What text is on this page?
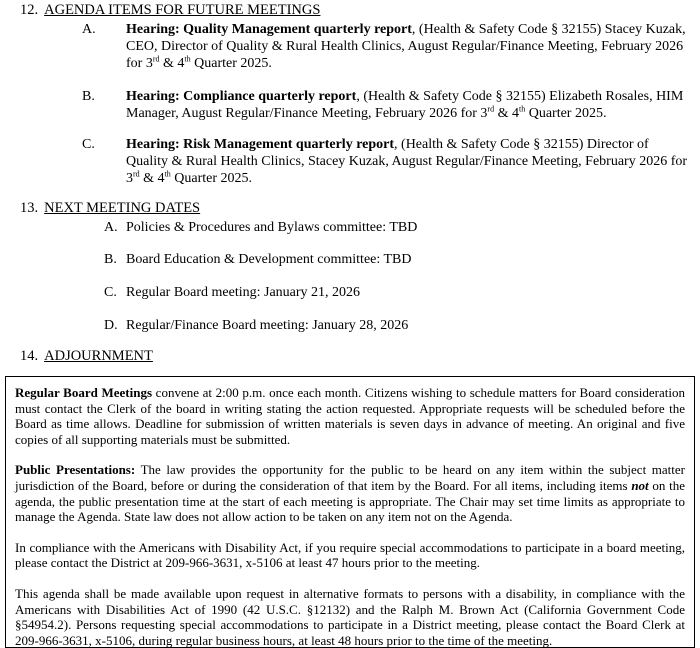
12. AGENDA ITEMS FOR FUTURE MEETINGS
A. Hearing: Quality Management quarterly report, (Health & Safety Code § 32155) Stacey Kuzak, CEO, Director of Quality & Rural Health Clinics, August Regular/Finance Meeting, February 2026 for 3rd & 4th Quarter 2025.
B. Hearing: Compliance quarterly report, (Health & Safety Code § 32155) Elizabeth Rosales, HIM Manager, August Regular/Finance Meeting, February 2026 for 3rd & 4th Quarter 2025.
C. Hearing: Risk Management quarterly report, (Health & Safety Code § 32155) Director of Quality & Rural Health Clinics, Stacey Kuzak, August Regular/Finance Meeting, February 2026 for 3rd & 4th Quarter 2025.
13. NEXT MEETING DATES
A. Policies & Procedures and Bylaws committee: TBD
B. Board Education & Development committee: TBD
C. Regular Board meeting: January 21, 2026
D. Regular/Finance Board meeting: January 28, 2026
14. ADJOURNMENT

Regular Board Meetings convene at 2:00 p.m. once each month. Citizens wishing to schedule matters for Board consideration must contact the Clerk of the board in writing stating the action requested. Appropriate requests will be scheduled before the Board as time allows. Deadline for submission of written materials is seven days in advance of meeting. An original and five copies of all supporting materials must be submitted.

Public Presentations: The law provides the opportunity for the public to be heard on any item within the subject matter jurisdiction of the Board, before or during the consideration of that item by the Board. For all items, including items not on the agenda, the public presentation time at the start of each meeting is appropriate. The Chair may set time limits as appropriate to manage the Agenda. State law does not allow action to be taken on any item not on the Agenda.

In compliance with the Americans with Disability Act, if you require special accommodations to participate in a board meeting, please contact the District at 209-966-3631, x-5106 at least 47 hours prior to the meeting.

This agenda shall be made available upon request in alternative formats to persons with a disability, in compliance with the Americans with Disabilities Act of 1990 (42 U.S.C. §12132) and the Ralph M. Brown Act (California Government Code §54954.2). Persons requesting special accommodations to participate in a District meeting, please contact the Board Clerk at 209-966-3631, x-5106, during regular business hours, at least 48 hours prior to the time of the meeting.
